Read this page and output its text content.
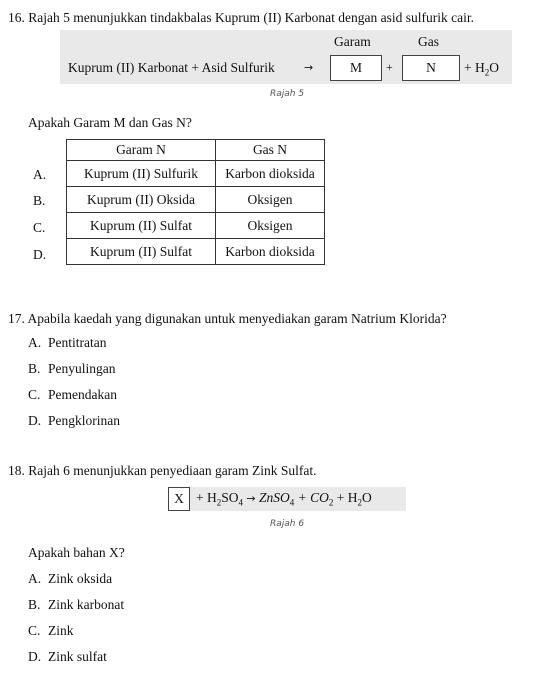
16. Rajah 5 menunjukkan tindakbalas Kuprum (II) Karbonat dengan asid sulfurik cair.
Garam	Gas
Kuprum (II) Karbonat + Asid Sulfurik	→	M	+	N	+ $H_2O$
Rajah 5
Apakah Garam M dan Gas N?
A.
B.
C.
D.
Garam N	Gas N
Kuprum (II) Sulfurik	Karbon dioksida
Kuprum (II) Oksida	Oksigen
Kuprum (II) Sulfat	Oksigen
Kuprum (II) Sulfat	Karbon dioksida
17. Apabila kaedah yang digunakan untuk menyediakan garam Natrium Klorida?
A. Pentitratan
B. Penyulingan
C. Pemendakan
D. Pengklorinan
18. Rajah 6 menunjukkan penyediaan garam Zink Sulfat.
$X + H_2SO_4$ → ZnSO$_4$ + $CO_2 + H_2O$
Rajah 6
Apakah bahan X?
A. Zink oksida
B. Zink karbonat
C. Zink
D. Zink sulfat
